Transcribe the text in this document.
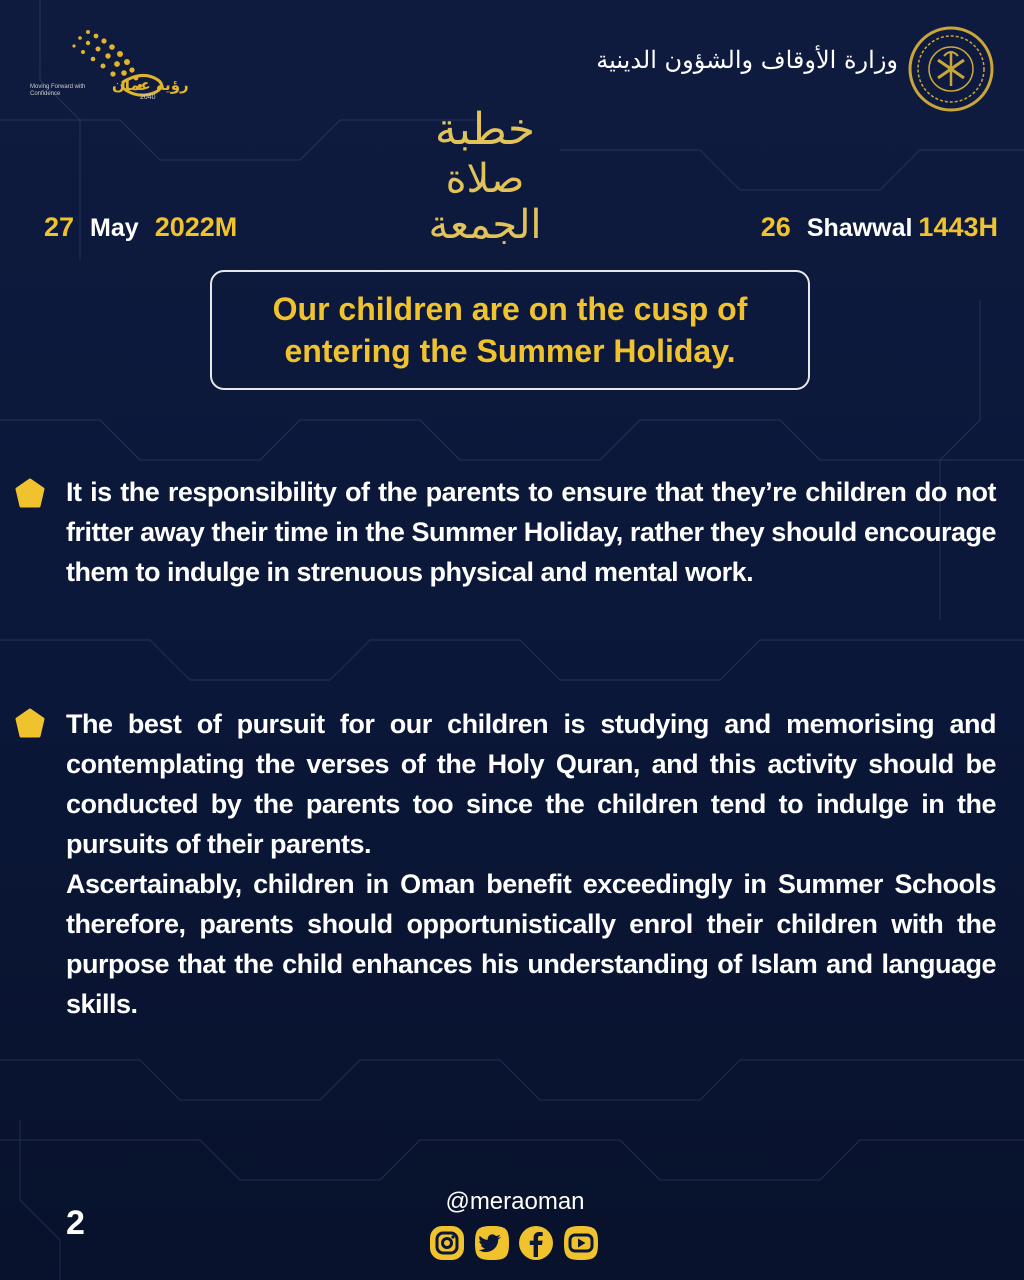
Moving Forward with Confidence	رؤية عمان
2040
وزارة الأوقاف والشؤون الدينية
خطبة
صلاة الجمعة
27 May 2022M	26 Shawwal 1443H
Our children are on the cusp of entering the Summer Holiday.
It is the responsibility of the parents to ensure that they’re children do not fritter away their time in the Summer Holiday, rather they should encourage them to indulge in strenuous physical and mental work.
The best of pursuit for our children is studying and memorising and contemplating the verses of the Holy Quran, and this activity should be conducted by the parents too since the children tend to indulge in the pursuits of their parents.
Ascertainably, children in Oman benefit exceedingly in Summer Schools therefore, parents should opportunistically enrol their children with the purpose that the child enhances his understanding of Islam and language skills.
2
@meraoman
